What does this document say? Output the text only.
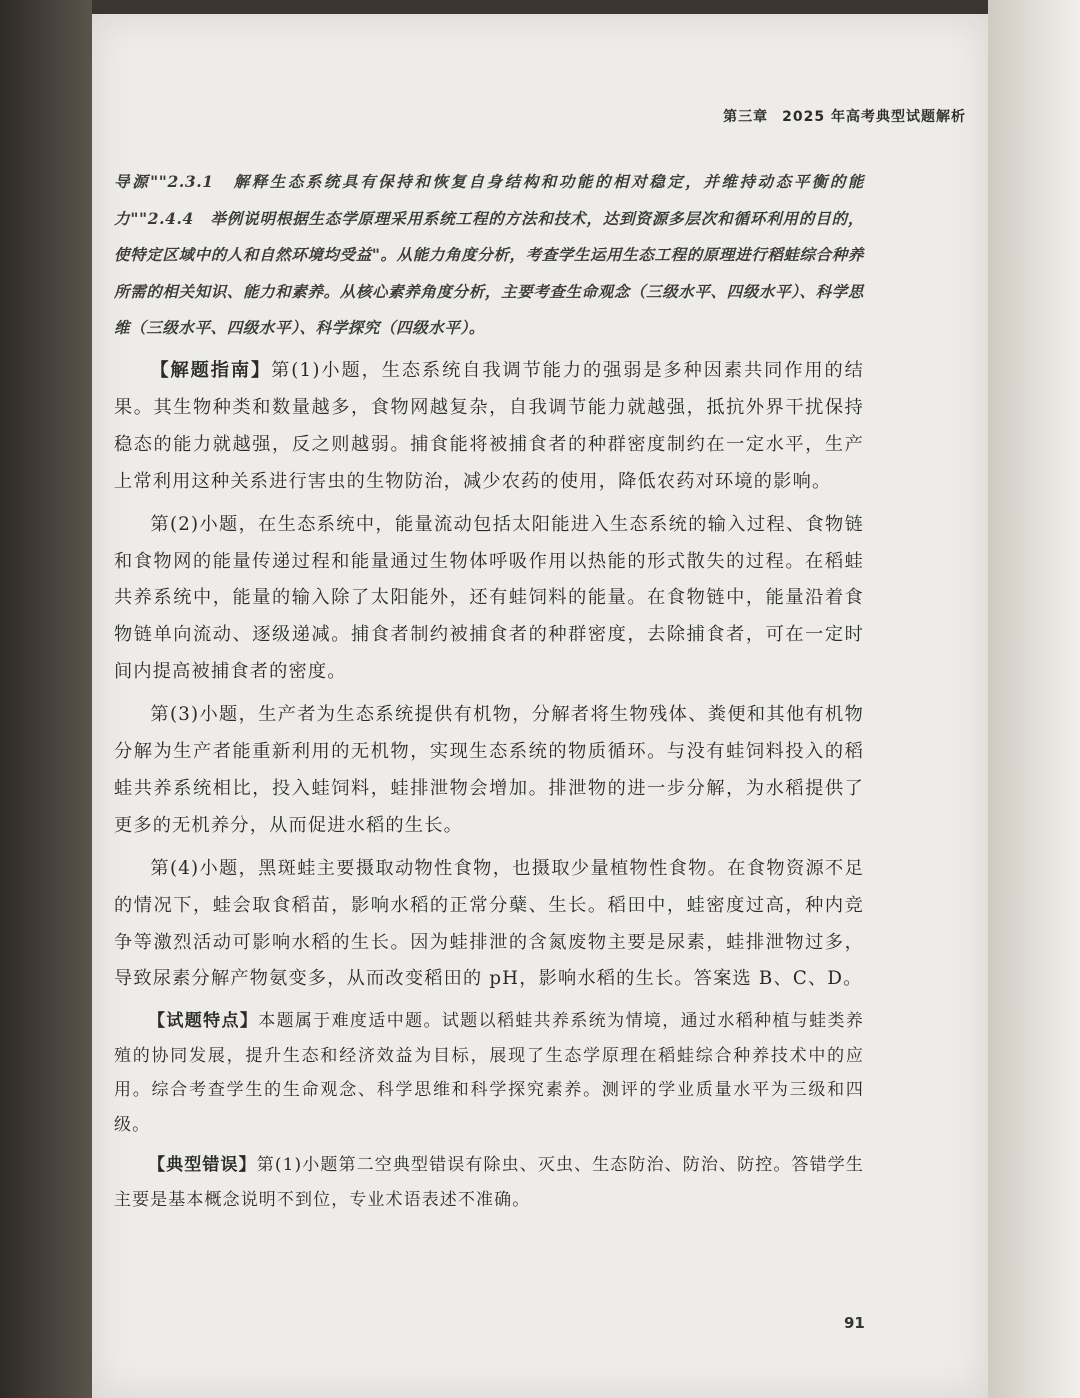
第三章 2025 年高考典型试题解析

导源""2.3.1　解释生态系统具有保持和恢复自身结构和功能的相对稳定，并维持动态平衡的能力""2.4.4　举例说明根据生态学原理采用系统工程的方法和技术，达到资源多层次和循环利用的目的，使特定区域中的人和自然环境均受益"。从能力角度分析，考查学生运用生态工程的原理进行稻蛙综合种养所需的相关知识、能力和素养。从核心素养角度分析，主要考查生命观念（三级水平、四级水平）、科学思维（三级水平、四级水平）、科学探究（四级水平）。

【解题指南】第(1)小题，生态系统自我调节能力的强弱是多种因素共同作用的结果。其生物种类和数量越多，食物网越复杂，自我调节能力就越强，抵抗外界干扰保持稳态的能力就越强，反之则越弱。捕食能将被捕食者的种群密度制约在一定水平，生产上常利用这种关系进行害虫的生物防治，减少农药的使用，降低农药对环境的影响。

第(2)小题，在生态系统中，能量流动包括太阳能进入生态系统的输入过程、食物链和食物网的能量传递过程和能量通过生物体呼吸作用以热能的形式散失的过程。在稻蛙共养系统中，能量的输入除了太阳能外，还有蛙饲料的能量。在食物链中，能量沿着食物链单向流动、逐级递减。捕食者制约被捕食者的种群密度，去除捕食者，可在一定时间内提高被捕食者的密度。

第(3)小题，生产者为生态系统提供有机物，分解者将生物残体、粪便和其他有机物分解为生产者能重新利用的无机物，实现生态系统的物质循环。与没有蛙饲料投入的稻蛙共养系统相比，投入蛙饲料，蛙排泄物会增加。排泄物的进一步分解，为水稻提供了更多的无机养分，从而促进水稻的生长。

第(4)小题，黑斑蛙主要摄取动物性食物，也摄取少量植物性食物。在食物资源不足的情况下，蛙会取食稻苗，影响水稻的正常分蘖、生长。稻田中，蛙密度过高，种内竞争等激烈活动可影响水稻的生长。因为蛙排泄的含氮废物主要是尿素，蛙排泄物过多，导致尿素分解产物氨变多，从而改变稻田的 pH，影响水稻的生长。答案选 B、C、D。

【试题特点】本题属于难度适中题。试题以稻蛙共养系统为情境，通过水稻种植与蛙类养殖的协同发展，提升生态和经济效益为目标，展现了生态学原理在稻蛙综合种养技术中的应用。综合考查学生的生命观念、科学思维和科学探究素养。测评的学业质量水平为三级和四级。

【典型错误】第(1)小题第二空典型错误有除虫、灭虫、生态防治、防治、防控。答错学生主要是基本概念说明不到位，专业术语表述不准确。

91
